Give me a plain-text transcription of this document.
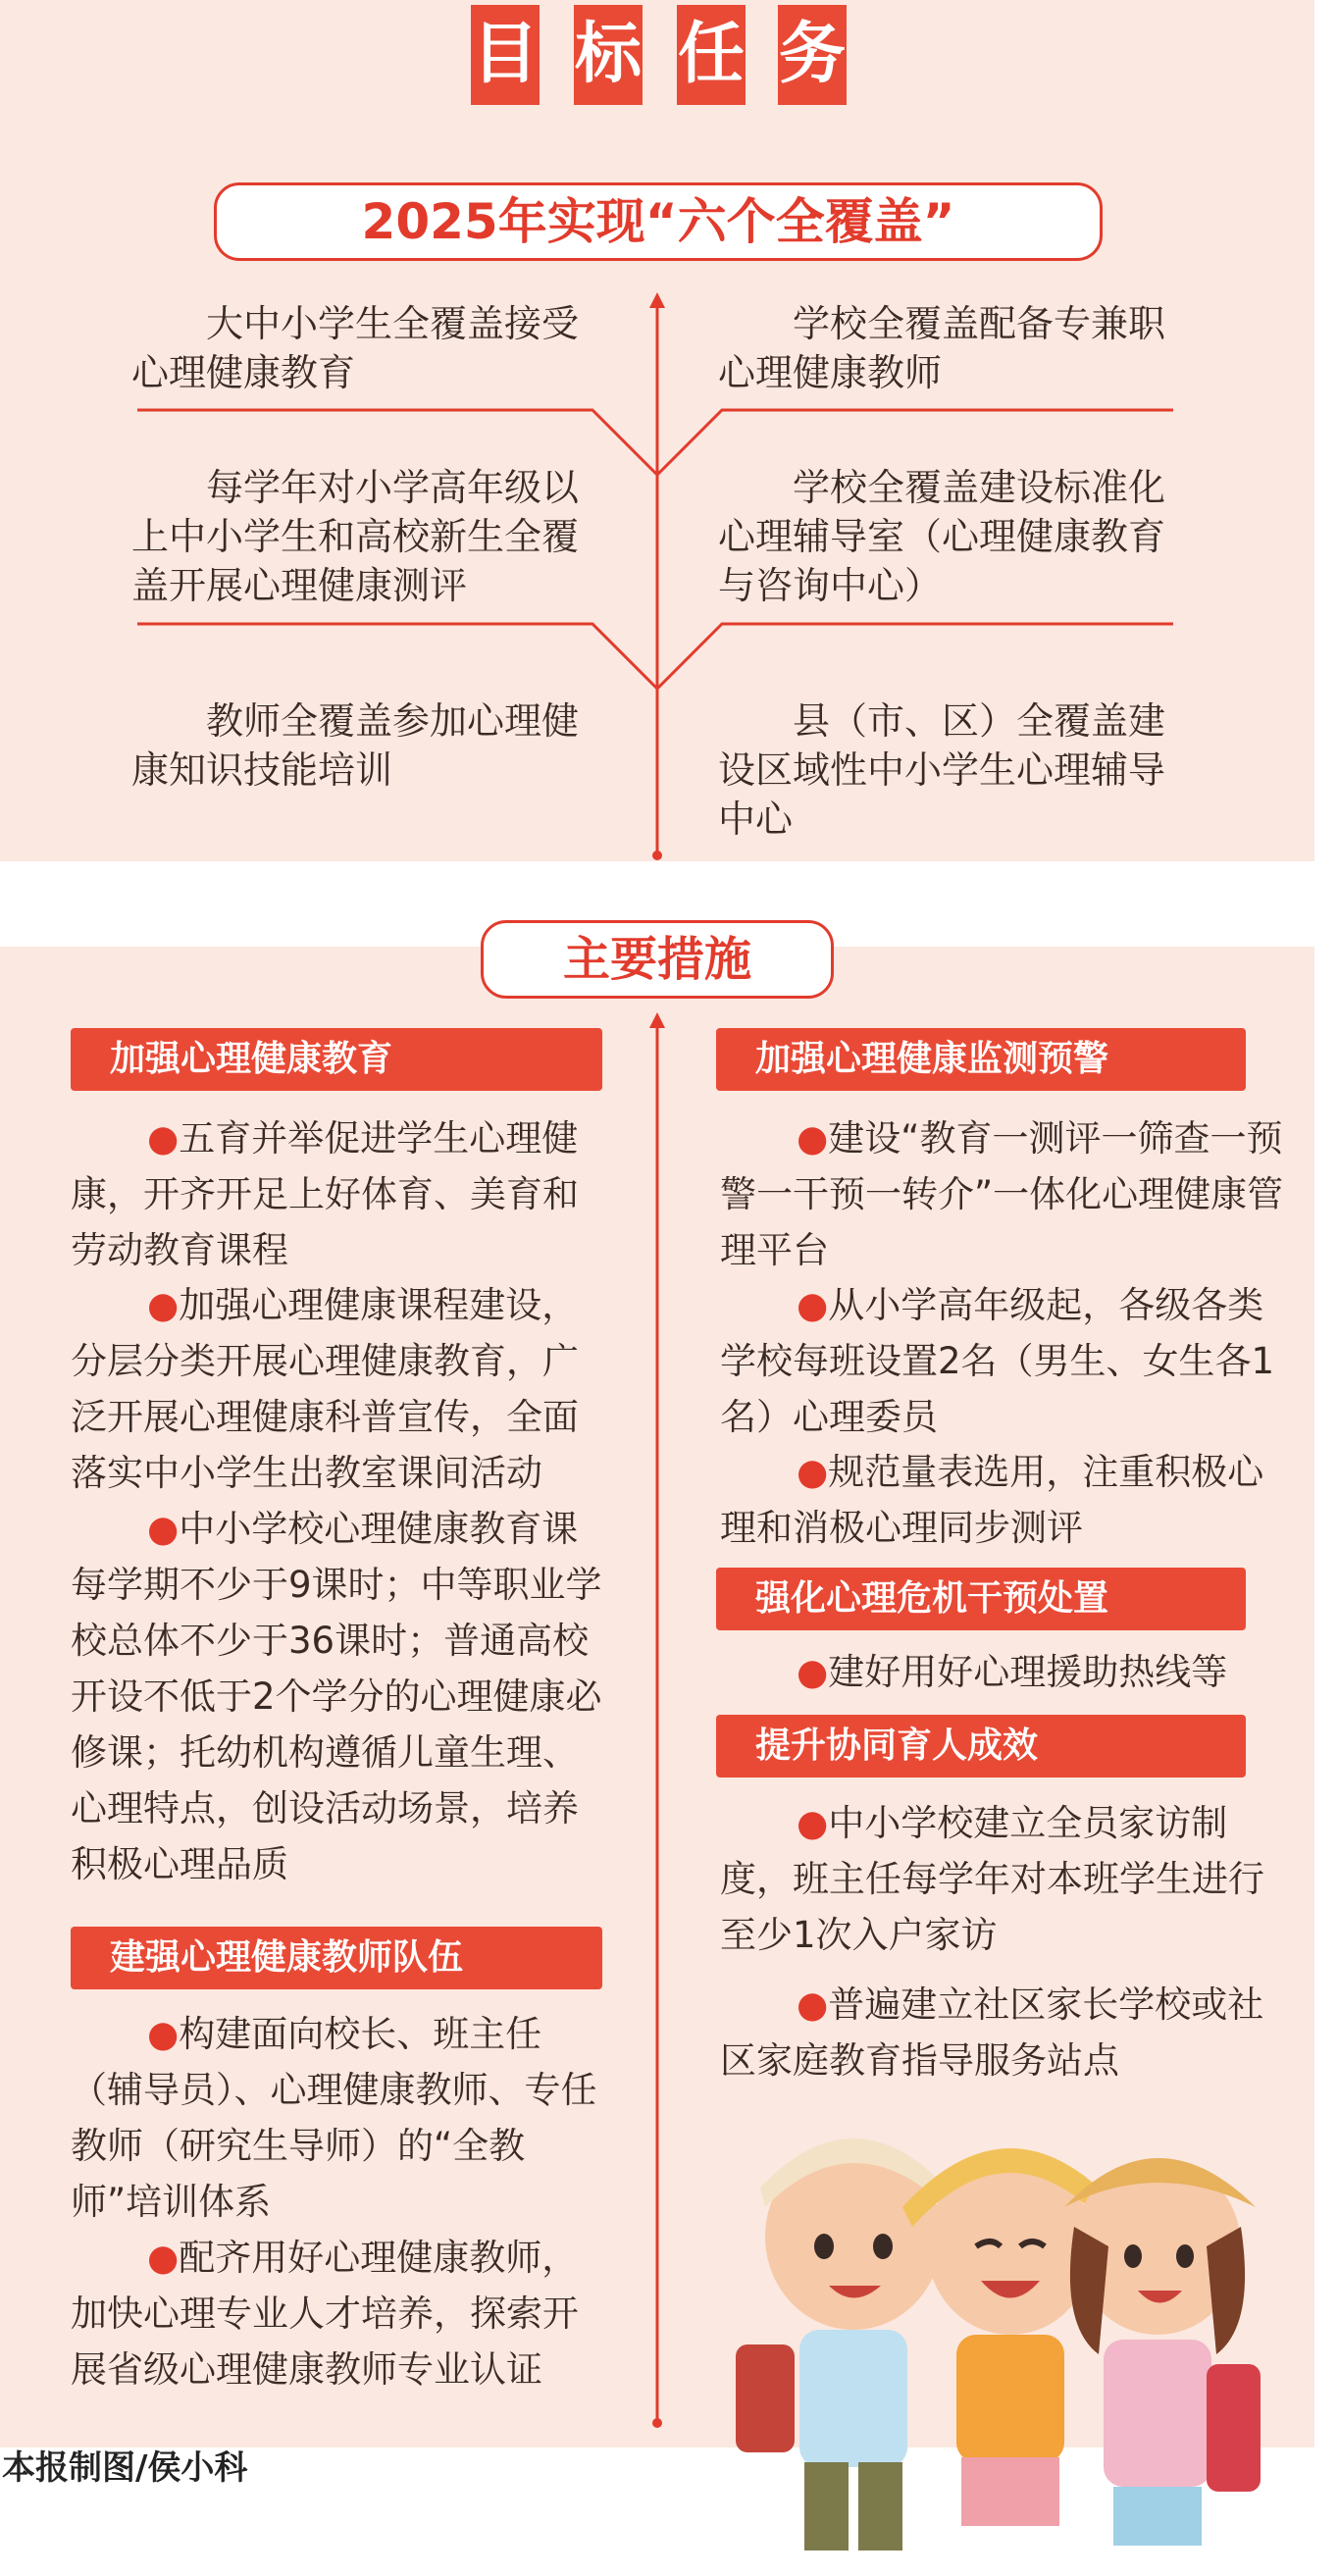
目 标 任 务
2025年实现“六个全覆盖”

大中小学生全覆盖接受心理健康教育

学校全覆盖配备专兼职心理健康教师

每学年对小学高年级以上中小学生和高校新生全覆盖开展心理健康测评

学校全覆盖建设标准化心理辅导室（心理健康教育与咨询中心）

教师全覆盖参加心理健康知识技能培训

县（市、区）全覆盖建设区域性中小学生心理辅导中心

主要措施
加强心理健康教育

●五育并举促进学生心理健康，开齐开足上好体育、美育和劳动教育课程

●加强心理健康课程建设，分层分类开展心理健康教育，广泛开展心理健康科普宣传，全面落实中小学生出教室课间活动

●中小学校心理健康教育课每学期不少于9课时；中等职业学校总体不少于36课时；普通高校开设不低于2个学分的心理健康必修课；托幼机构遵循儿童生理、心理特点，创设活动场景，培养积极心理品质

建强心理健康教师队伍

●构建面向校长、班主任（辅导员）、心理健康教师、专任教师（研究生导师）的“全教师”培训体系

●配齐用好心理健康教师，加快心理专业人才培养，探索开展省级心理健康教师专业认证

加强心理健康监测预警

●建设“教育一测评一筛查一预警一干预一转介”一体化心理健康管理平台

●从小学高年级起，各级各类学校每班设置2名（男生、女生各1名）心理委员

●规范量表选用，注重积极心理和消极心理同步测评

强化心理危机干预处置

●建好用好心理援助热线等

提升协同育人成效

●中小学校建立全员家访制度，班主任每学年对本班学生进行至少1次入户家访

●普遍建立社区家长学校或社区家庭教育指导服务站点

本报制图/侯小科
